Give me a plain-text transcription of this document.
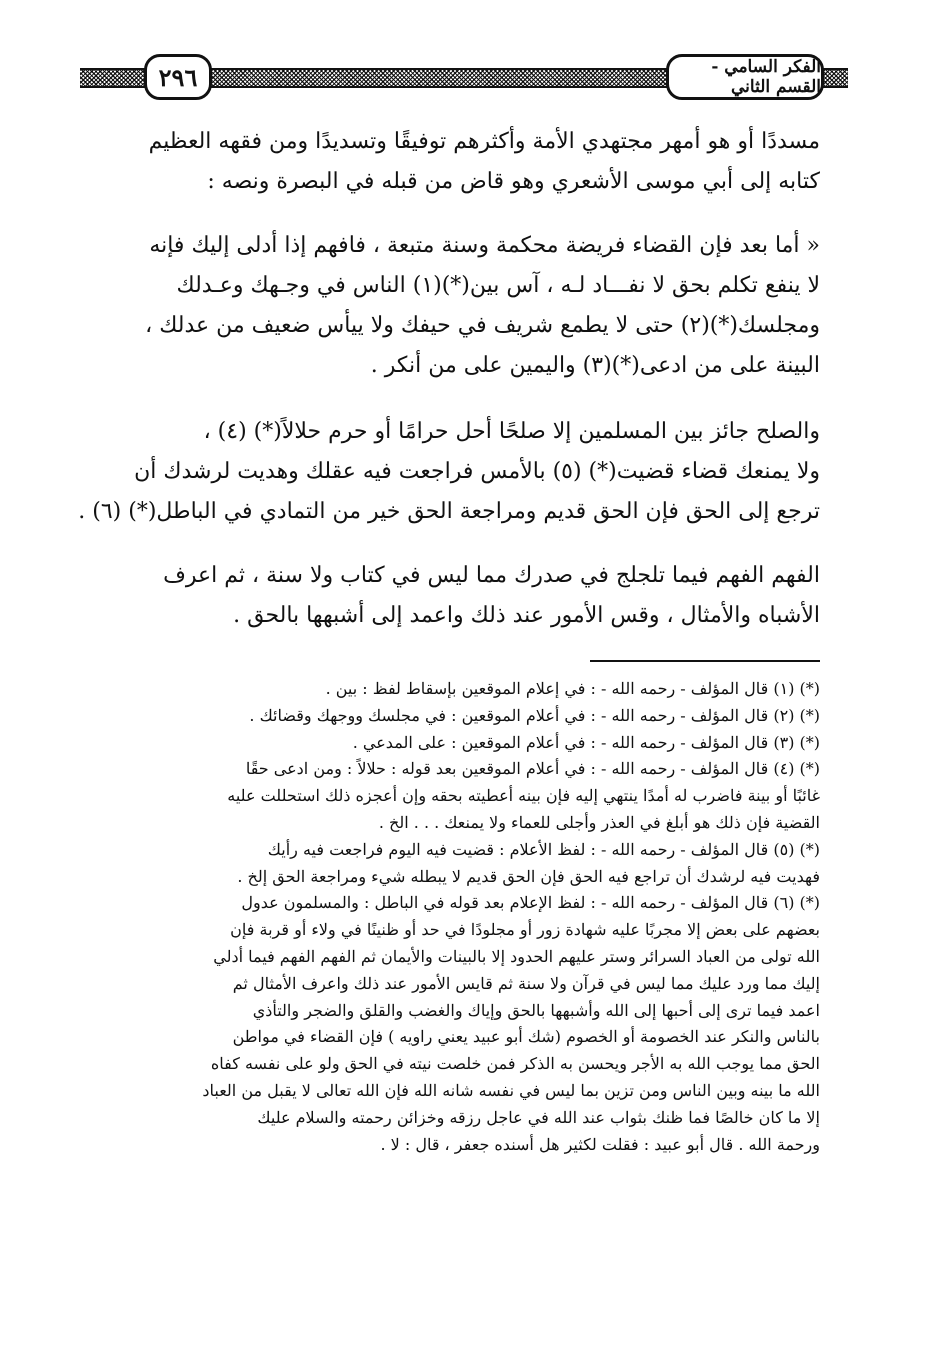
٢٩٦	الفكر السامي - القسم الثاني
مسددًا أو هو أمهر مجتهدي الأمة وأكثرهم توفيقًا وتسديدًا ومن فقهه العظيم
كتابه إلى أبي موسى الأشعري وهو قاض من قبله في البصرة ونصه :
« أما بعد فإن القضاء فريضة محكمة وسنة متبعة ، فافهم إذا أدلى إليك فإنه
لا ينفع تكلم بحق لا نفـــاد لـه ، آس بين(*)(١) الناس في وجـهك وعـدلك
ومجلسك(*)(٢) حتى لا يطمع شريف في حيفك ولا ييأس ضعيف من عدلك ،
البينة على من ادعى(*)(٣) واليمين على من أنكر .
والصلح جائز بين المسلمين إلا صلحًا أحل حرامًا أو حرم حلالاً(*) (٤) ،
ولا يمنعك قضاء قضيت(*) (٥) بالأمس فراجعت فيه عقلك وهديت لرشدك أن
ترجع إلى الحق فإن الحق قديم ومراجعة الحق خير من التمادي في الباطل(*) (٦) .
الفهم الفهم فيما تلجلج في صدرك مما ليس في كتاب ولا سنة ، ثم اعرف
الأشباه والأمثال ، وقس الأمور عند ذلك واعمد إلى أشبهها بالحق .
(*) (١) قال المؤلف - رحمه الله - : في إعلام الموقعين بإسقاط لفظ : بين .
(*) (٢) قال المؤلف - رحمه الله - : في أعلام الموقعين : في مجلسك ووجهك وقضائك .
(*) (٣) قال المؤلف - رحمه الله - : في أعلام الموقعين : على المدعي .
(*) (٤) قال المؤلف - رحمه الله - : في أعلام الموقعين بعد قوله : حلالاً : ومن ادعى حقًا
غائبًا أو بينة فاضرب له أمدًا ينتهي إليه فإن بينه أعطيته بحقه وإن أعجزه ذلك استحللت عليه
القضية فإن ذلك هو أبلغ في العذر وأجلى للعماء ولا يمنعك . . . الخ .
(*) (٥) قال المؤلف - رحمه الله - : لفظ الأعلام : قضيت فيه اليوم فراجعت فيه رأيك
فهديت فيه لرشدك أن تراجع فيه الحق فإن الحق قديم لا يبطله شيء ومراجعة الحق إلخ .
(*) (٦) قال المؤلف - رحمه الله - : لفظ الإعلام بعد قوله في الباطل : والمسلمون عدول
بعضهم على بعض إلا مجربًا عليه شهادة زور أو مجلودًا في حد أو ظنينًا في ولاء أو قربة فإن
الله تولى من العباد السرائر وستر عليهم الحدود إلا بالبينات والأيمان ثم الفهم الفهم فيما أدلي
إليك مما ورد عليك مما ليس في قرآن ولا سنة ثم قايس الأمور عند ذلك واعرف الأمثال ثم
اعمد فيما ترى إلى أحبها إلى الله وأشبهها بالحق وإياك والغضب والقلق والضجر والتأذي
بالناس والنكر عند الخصومة أو الخصوم (شك أبو عبيد يعني راويه ) فإن القضاء في مواطن
الحق مما يوجب الله به الأجر ويحسن به الذكر فمن خلصت نيته في الحق ولو على نفسه كفاه
الله ما بينه وبين الناس ومن تزين بما ليس في نفسه شانه الله فإن الله تعالى لا يقبل من العباد
إلا ما كان خالصًا فما ظنك بثواب عند الله في عاجل رزقه وخزائن رحمته والسلام عليك
ورحمة الله . قال أبو عبيد : فقلت لكثير هل أسنده جعفر ، قال : لا .
